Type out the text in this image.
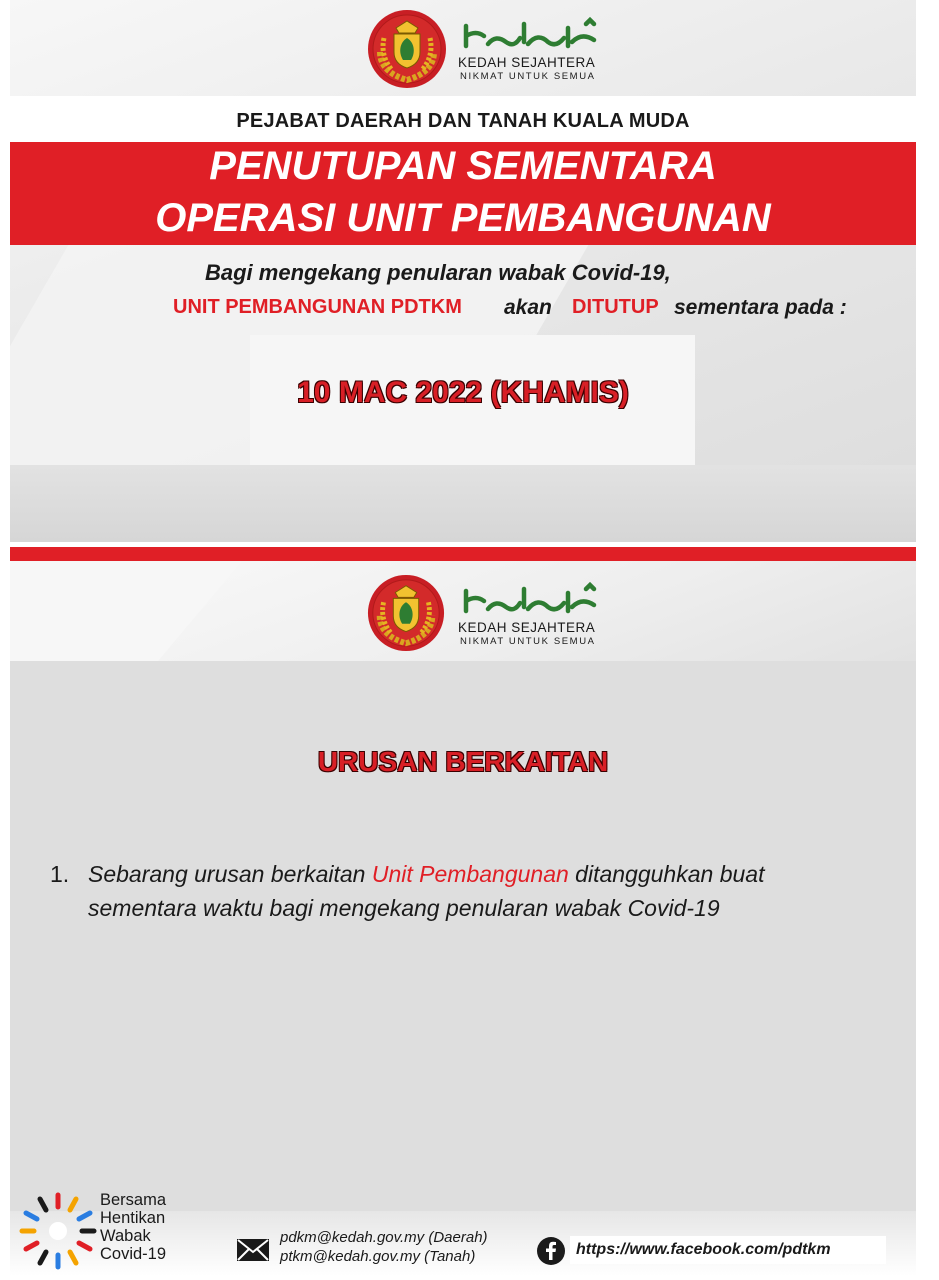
KEDAH SEJAHTERA
NIKMAT UNTUK SEMUA
PEJABAT DAERAH DAN TANAH KUALA MUDA
PENUTUPAN SEMENTARA
OPERASI UNIT PEMBANGUNAN
Bagi mengekang penularan wabak Covid-19,
UNIT PEMBANGUNAN PDTKM akan DITUTUP sementara pada :
10 MAC 2022 (KHAMIS)
KEDAH SEJAHTERA
NIKMAT UNTUK SEMUA
URUSAN BERKAITAN
1. Sebarang urusan berkaitan Unit Pembangunan ditangguhkan buat
sementara waktu bagi mengekang penularan wabak Covid-19
Bersama
Hentikan
Wabak
Covid-19
pdkm@kedah.gov.my (Daerah)
ptkm@kedah.gov.my (Tanah)	https://www.facebook.com/pdtkm
